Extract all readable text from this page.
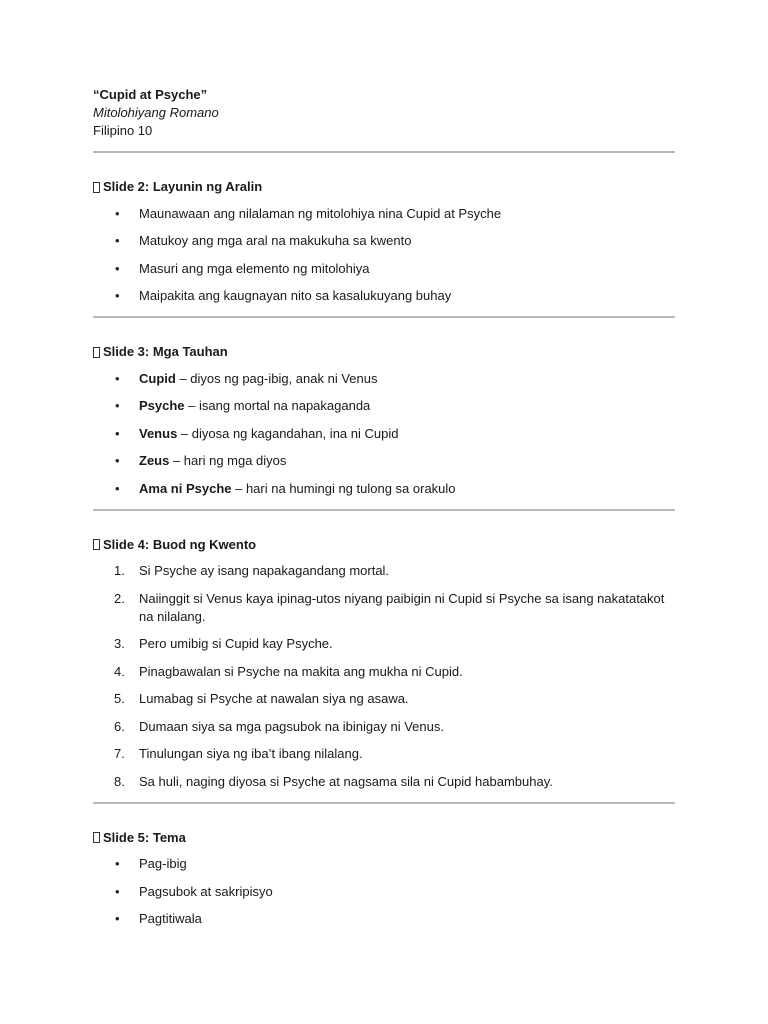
“Cupid at Psyche”

Mitolohiyang Romano

Filipino 10

Slide 2: Layunin ng Aralin
•	Maunawaan ang nilalaman ng mitolohiya nina Cupid at Psyche
•	Matukoy ang mga aral na makukuha sa kwento
•	Masuri ang mga elemento ng mitolohiya
•	Maipakita ang kaugnayan nito sa kasalukuyang buhay
Slide 3: Mga Tauhan
•	Cupid – diyos ng pag-ibig, anak ni Venus
•	Psyche – isang mortal na napakaganda
•	Venus – diyosa ng kagandahan, ina ni Cupid
•	Zeus – hari ng mga diyos
•	Ama ni Psyche – hari na humingi ng tulong sa orakulo
Slide 4: Buod ng Kwento
1.	Si Psyche ay isang napakagandang mortal.
2.	Naiinggit si Venus kaya ipinag-utos niyang paibigin ni Cupid si Psyche sa isang nakatatakot na nilalang.
3.	Pero umibig si Cupid kay Psyche.
4.	Pinagbawalan si Psyche na makita ang mukha ni Cupid.
5.	Lumabag si Psyche at nawalan siya ng asawa.
6.	Dumaan siya sa mga pagsubok na ibinigay ni Venus.
7.	Tinulungan siya ng iba’t ibang nilalang.
8.	Sa huli, naging diyosa si Psyche at nagsama sila ni Cupid habambuhay.
Slide 5: Tema
•	Pag-ibig
•	Pagsubok at sakripisyo
•	Pagtitiwala
